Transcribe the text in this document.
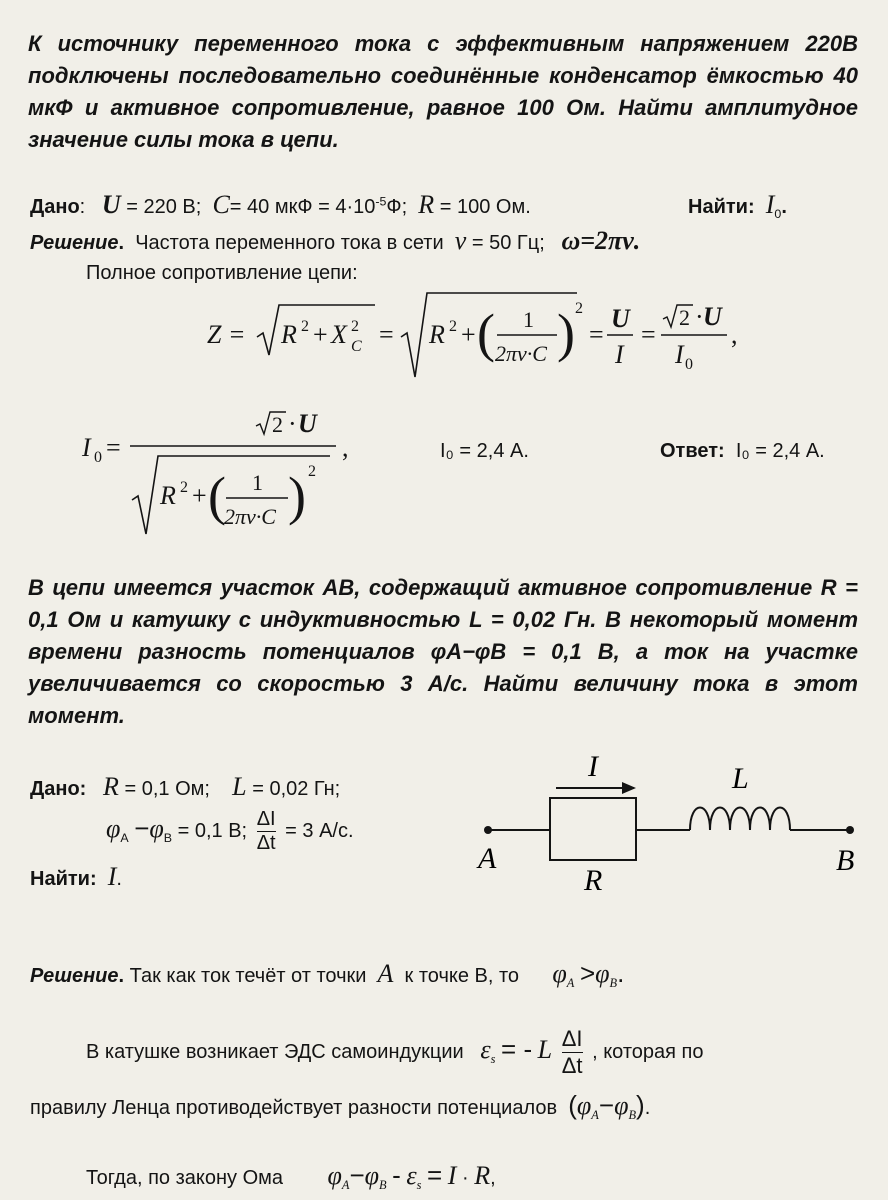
К источнику переменного тока с эффективным напряжением 220В подключены последовательно соединённые конденсатор ёмкостью 40 мкФ и активное сопротивление, равное 100 Ом. Найти амплитудное значение силы тока в цепи.
Дано:   U = 220 В; C= 40 мкФ = $4\cdot 10^{-5}Ф$; R = 100 Ом.	Найти: $I_0$.
Решение. Частота переменного тока в сети ν = 50 Гц; ω=2πν.
Полное сопротивление цепи:
Z = R 2 + X 2
C = R 2 + ( 1
2πν·C ) 2
=
U
I
=
2 · U
I 0
,
I 0 =
2 · U
R 2 + ( 1
2πν·C ) 2
,	I₀ = 2,4 А.	Ответ: I₀ = 2,4 А.
В цепи имеется участок АВ, содержащий активное сопротивление R = 0,1 Ом и катушку с индуктивностью L = 0,02 Гн. В некоторый момент времени разность потенциалов φA−φB = 0,1 В, а ток на участке увеличивается со скоростью 3 А/с. Найти величину тока в этот момент.
Дано: R = 0,1 Ом; L = 0,02 Гн;
$\varphi_A -\varphi_B = 0,1$ В; $\frac{\Delta I}{\Delta t} = 3$ А/с.
Найти: I.
I	L
R
A	B
Решение. Так как ток течёт от точки A к точке В, то $\varphi_A >\varphi_B$.
В катушке возникает ЭДС самоиндукции $\varepsilon_s$ = - L $\frac{\Delta I}{\Delta t}$ , которая по
правилу Ленца противодействует разности потенциалов $(\varphi_A-\varphi_B)$.
Тогда, по закону Ома $\varphi_A-\varphi_B - \varepsilon_s = I \cdot R$,
